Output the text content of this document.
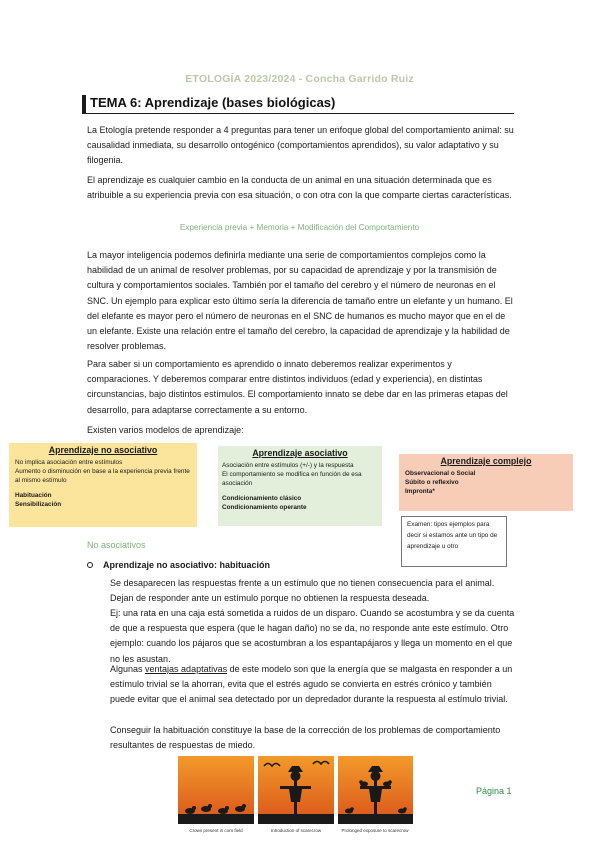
ETOLOGÍA 2023/2024 - Concha Garrido Ruiz
TEMA 6: Aprendizaje (bases biológicas)
La Etología pretende responder a 4 preguntas para tener un enfoque global del comportamiento animal: su causalidad inmediata, su desarrollo ontogénico (comportamientos aprendidos), su valor adaptativo y su filogenia.
El aprendizaje es cualquier cambio en la conducta de un animal en una situación determinada que es atribuible a su experiencia previa con esa situación, o con otra con la que comparte ciertas características.
Experiencia previa + Memoria + Modificación del Comportamiento
La mayor inteligencia podemos definirla mediante una serie de comportamientos complejos como la habilidad de un animal de resolver problemas, por su capacidad de aprendizaje y por la transmisión de cultura y comportamientos sociales. También por el tamaño del cerebro y el número de neuronas en el SNC. Un ejemplo para explicar esto último sería la diferencia de tamaño entre un elefante y un humano. El del elefante es mayor pero el número de neuronas en el SNC de humanos es mucho mayor que en el de un elefante. Existe una relación entre el tamaño del cerebro, la capacidad de aprendizaje y la habilidad de resolver problemas.
Para saber si un comportamiento es aprendido o innato deberemos realizar experimentos y comparaciones. Y deberemos comparar entre distintos individuos (edad y experiencia), en distintas circunstancias, bajo distintos estímulos. El comportamiento innato se debe dar en las primeras etapas del desarrollo, para adaptarse correctamente a su entorno.
Existen varios modelos de aprendizaje:
Aprendizaje no asociativo
No implica asociación entre estímulos
Aumento o disminución en base a la experiencia previa frente al mismo estímulo
Habituación
Sensibilización
Aprendizaje asociativo
Asociación entre estímulos (+/-) y la respuesta
El comportamiento se modifica en función de esa asociación
Condicionamiento clásico
Condicionamiento operante
Aprendizaje complejo
Observacional o Social
Súbito o reflexivo
Impronta*
Examen: tipos ejemplos para decir si estamos ante un tipo de aprendizaje u otro
No asociativos
Aprendizaje no asociativo: habituación
Se desaparecen las respuestas frente a un estímulo que no tienen consecuencia para el animal. Dejan de responder ante un estímulo porque no obtienen la respuesta deseada.
Ej: una rata en una caja está sometida a ruidos de un disparo. Cuando se acostumbra y se da cuenta de que a respuesta que espera (que le hagan daño) no se da, no responde ante este estímulo. Otro ejemplo: cuando los pájaros que se acostumbran a los espantapájaros y llega un momento en el que no les asustan.
Algunas ventajas adaptativas de este modelo son que la energía que se malgasta en responder a un estímulo trivial se la ahorran, evita que el estrés agudo se convierta en estrés crónico y también puede evitar que el animal sea detectado por un depredador durante la respuesta al estímulo trivial.
Conseguir la habituación constituye la base de la corrección de los problemas de comportamiento resultantes de respuestas de miedo.
Crows present in corn field	Introduction of scarecrow	Prolonged exposure to scarecrow
Página 1
